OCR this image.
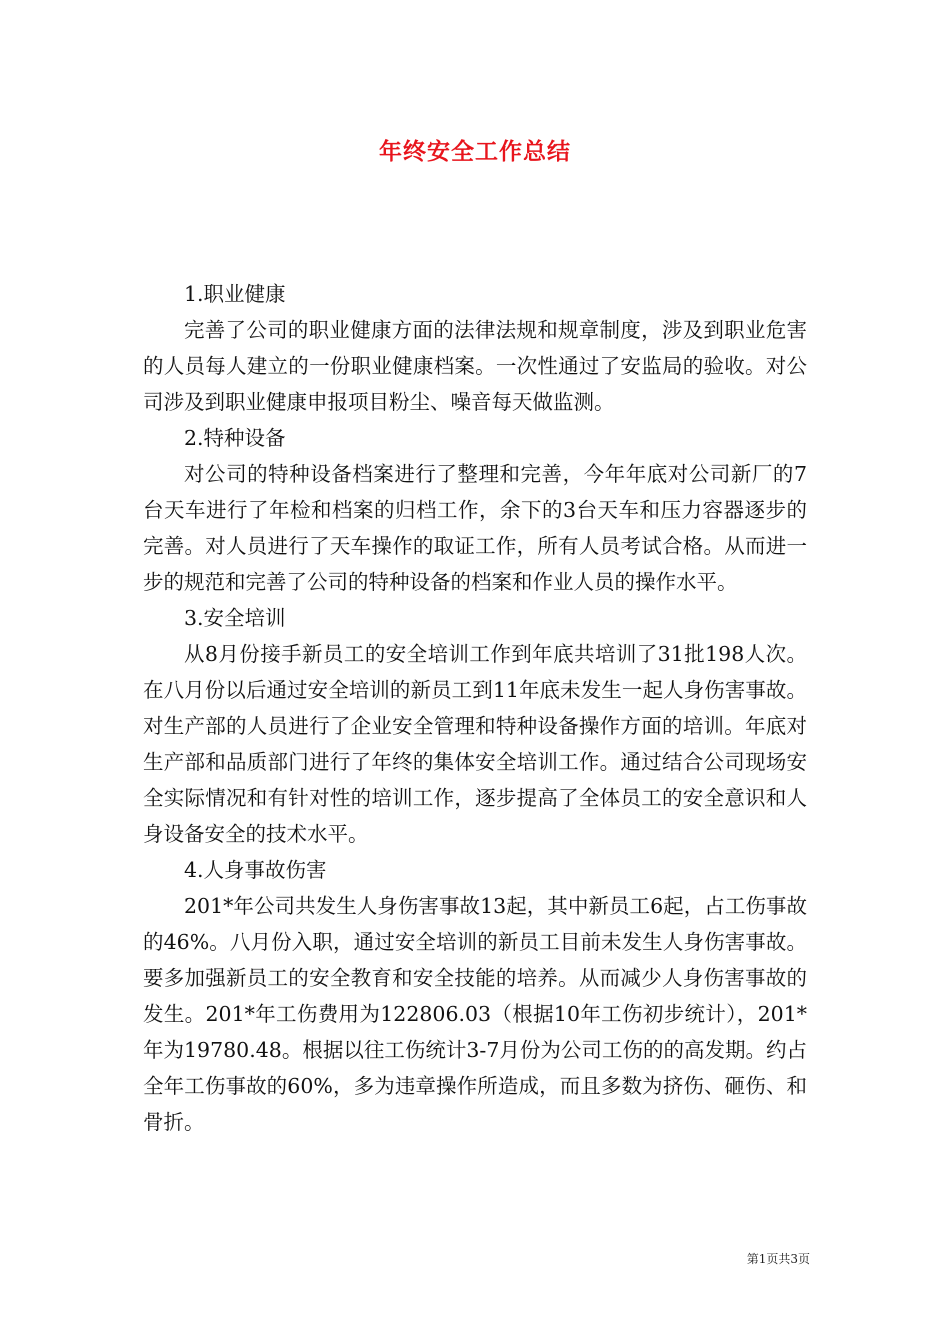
年终安全工作总结

1.职业健康

完善了公司的职业健康方面的法律法规和规章制度，涉及到职业危害的人员每人建立的一份职业健康档案。一次性通过了安监局的验收。对公司涉及到职业健康申报项目粉尘、噪音每天做监测。

2.特种设备

对公司的特种设备档案进行了整理和完善，今年年底对公司新厂的7台天车进行了年检和档案的归档工作，余下的3台天车和压力容器逐步的完善。对人员进行了天车操作的取证工作，所有人员考试合格。从而进一步的规范和完善了公司的特种设备的档案和作业人员的操作水平。

3.安全培训

从8月份接手新员工的安全培训工作到年底共培训了31批198人次。在八月份以后通过安全培训的新员工到11年底未发生一起人身伤害事故。对生产部的人员进行了企业安全管理和特种设备操作方面的培训。年底对生产部和品质部门进行了年终的集体安全培训工作。通过结合公司现场安全实际情况和有针对性的培训工作，逐步提高了全体员工的安全意识和人身设备安全的技术水平。

4.人身事故伤害

201*年公司共发生人身伤害事故13起，其中新员工6起，占工伤事故的46%。八月份入职，通过安全培训的新员工目前未发生人身伤害事故。要多加强新员工的安全教育和安全技能的培养。从而减少人身伤害事故的发生。201*年工伤费用为122806.03（根据10年工伤初步统计），201*年为19780.48。根据以往工伤统计3-7月份为公司工伤的的高发期。约占全年工伤事故的60%，多为违章操作所造成，而且多数为挤伤、砸伤、和骨折。

第1页共3页
